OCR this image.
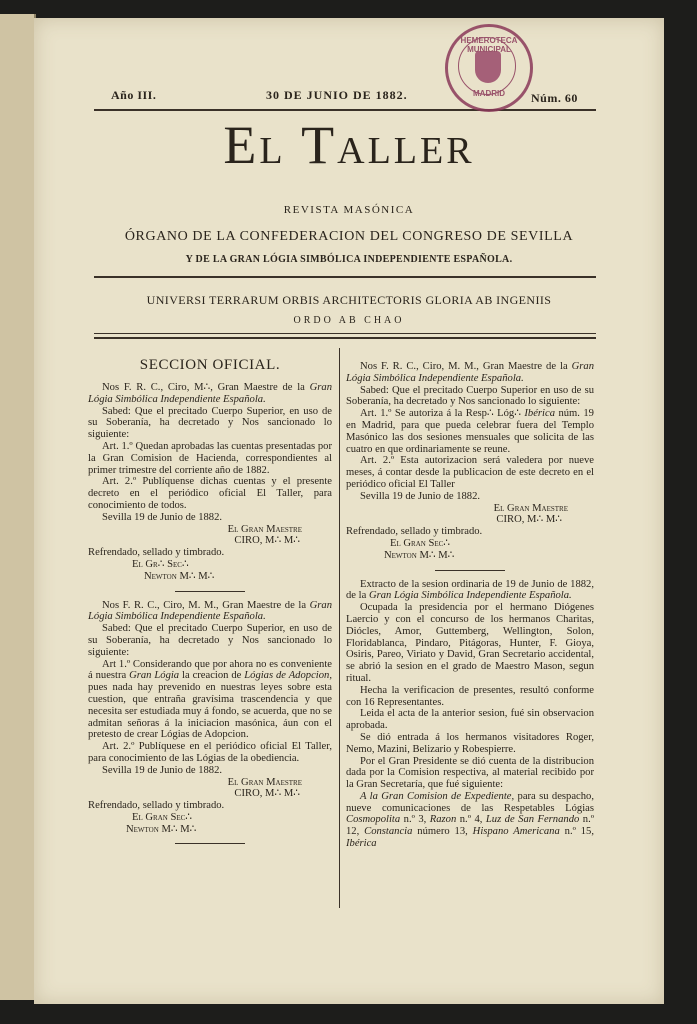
Año III.	30 DE JUNIO DE 1882.	Núm. 60
HEMEROTECA MUNICIPAL
MADRID
El Taller
REVISTA MASÓNICA
ÓRGANO DE LA CONFEDERACION DEL CONGRESO DE SEVILLA
Y DE LA GRAN LÓGIA SIMBÓLICA INDEPENDIENTE ESPAÑOLA.
UNIVERSI TERRARUM ORBIS ARCHITECTORIS GLORIA AB INGENIIS
ORDO AB CHAO

SECCION OFICIAL.

Nos F. R. C., Ciro, M∴, Gran Maestre de la Gran Lógia Simbólica Independiente Española.

Sabed: Que el precitado Cuerpo Superior, en uso de su Soberanía, ha decretado y Nos sancionado lo siguiente:

Art. 1.º Quedan aprobadas las cuentas presentadas por la Gran Comision de Hacienda, correspondientes al primer trimestre del corriente año de 1882.

Art. 2.º Publíquense dichas cuentas y el presente decreto en el periódico oficial El Taller, para conocimiento de todos.

Sevilla 19 de Junio de 1882.

El Gran Maestre

CIRO, M∴ M∴

Refrendado, sellado y timbrado.

El Gr∴ Sec∴

Newton M∴ M∴

Nos F. R. C., Ciro, M. M., Gran Maestre de la Gran Lógia Simbólica Independiente Española.

Sabed: Que el precitado Cuerpo Superior, en uso de su Soberanía, ha decretado y Nos sancionado lo siguiente:

Art 1.º Considerando que por ahora no es conveniente á nuestra Gran Lógia la creacion de Lógias de Adopcion, pues nada hay prevenido en nuestras leyes sobre esta cuestion, que entraña gravísima trascendencia y que necesita ser estudiada muy á fondo, se acuerda, que no se admitan señoras á la iniciacion masónica, áun con el pretesto de crear Lógias de Adopcion.

Art. 2.º Publíquese en el periódico oficial El Taller, para conocimiento de las Lógias de la obediencia.

Sevilla 19 de Junio de 1882.

El Gran Maestre

CIRO, M∴ M∴

Refrendado, sellado y timbrado.

El Gran Sec∴

Newton M∴ M∴

Nos F. R. C., Ciro, M. M., Gran Maestre de la Gran Lógia Simbólica Independiente Española.

Sabed: Que el precitado Cuerpo Superior en uso de su Soberanía, ha decretado y Nos sancionado lo siguiente:

Art. 1.º Se autoriza á la Resp∴ Lóg∴ Ibérica núm. 19 en Madrid, para que pueda celebrar fuera del Templo Masónico las dos sesiones mensuales que solicita de las cuatro en que ordinariamente se reune.

Art. 2.º Esta autorizacion será valedera por nueve meses, á contar desde la publicacion de este decreto en el periódico oficial El Taller

Sevilla 19 de Junio de 1882.

El Gran Maestre

CIRO, M∴ M∴

Refrendado, sellado y timbrado.

El Gran Sec∴

Newton M∴ M∴

Extracto de la sesion ordinaria de 19 de Junio de 1882, de la Gran Lógia Simbólica Independiente Española.

Ocupada la presidencia por el hermano Diógenes Laercio y con el concurso de los hermanos Charitas, Diócles, Amor, Guttemberg, Wellington, Solon, Floridablanca, Pindaro, Pitágoras, Hunter, F. Gioya, Osiris, Pareo, Viriato y David, Gran Secretario accidental, se abrió la sesion en el grado de Maestro Mason, segun ritual.

Hecha la verificacion de presentes, resultó conforme con 16 Representantes.

Leida el acta de la anterior sesion, fué sin observacion aprobada.

Se dió entrada á los hermanos visitadores Roger, Nemo, Mazini, Belizario y Robespierre.

Por el Gran Presidente se dió cuenta de la distribucion dada por la Comision respectiva, al material recibido por la Gran Secretaría, que fué siguiente:

A la Gran Comision de Expediente, para su despacho, nueve comunicaciones de las Respetables Lógias Cosmopolita n.º 3, Razon n.º 4, Luz de San Fernando n.º 12, Constancia número 13, Hispano Americana n.º 15, Ibérica
